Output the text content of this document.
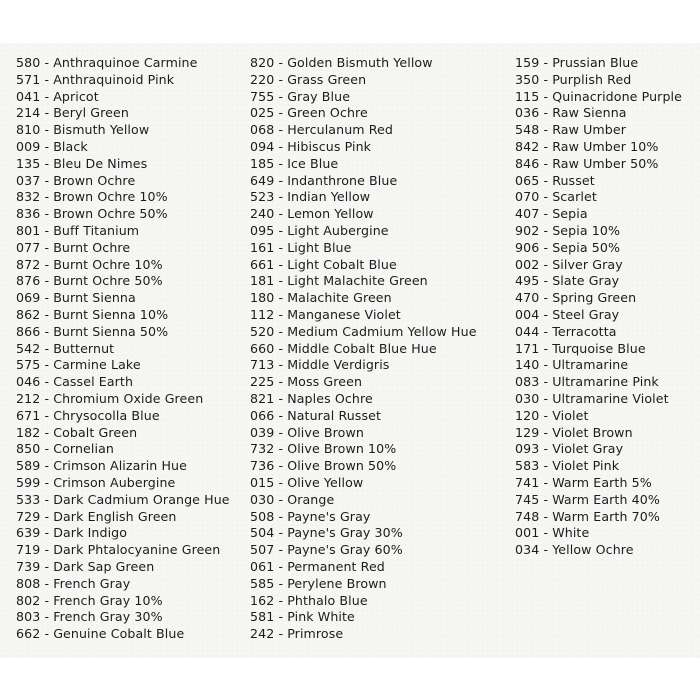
580 - Anthraquinoe Carmine
571 - Anthraquinoid Pink
041 - Apricot
214 - Beryl Green
810 - Bismuth Yellow
009 - Black
135 - Bleu De Nimes
037 - Brown Ochre
832 - Brown Ochre 10%
836 - Brown Ochre 50%
801 - Buff Titanium
077 - Burnt Ochre
872 - Burnt Ochre 10%
876 - Burnt Ochre 50%
069 - Burnt Sienna
862 - Burnt Sienna 10%
866 - Burnt Sienna 50%
542 - Butternut
575 - Carmine Lake
046 - Cassel Earth
212 - Chromium Oxide Green
671 - Chrysocolla Blue
182 - Cobalt Green
850 - Cornelian
589 - Crimson Alizarin Hue
599 - Crimson Aubergine
533 - Dark Cadmium Orange Hue
729 - Dark English Green
639 - Dark Indigo
719 - Dark Phtalocyanine Green
739 - Dark Sap Green
808 - French Gray
802 - French Gray 10%
803 - French Gray 30%
662 - Genuine Cobalt Blue
820 - Golden Bismuth Yellow
220 - Grass Green
755 - Gray Blue
025 - Green Ochre
068 - Herculanum Red
094 - Hibiscus Pink
185 - Ice Blue
649 - Indanthrone Blue
523 - Indian Yellow
240 - Lemon Yellow
095 - Light Aubergine
161 - Light Blue
661 - Light Cobalt Blue
181 - Light Malachite Green
180 - Malachite Green
112 - Manganese Violet
520 - Medium Cadmium Yellow Hue
660 - Middle Cobalt Blue Hue
713 - Middle Verdigris
225 - Moss Green
821 - Naples Ochre
066 - Natural Russet
039 - Olive Brown
732 - Olive Brown 10%
736 - Olive Brown 50%
015 - Olive Yellow
030 - Orange
508 - Payne's Gray
504 - Payne's Gray 30%
507 - Payne's Gray 60%
061 - Permanent Red
585 - Perylene Brown
162 - Phthalo Blue
581 - Pink White
242 - Primrose
159 - Prussian Blue
350 - Purplish Red
115 - Quinacridone Purple
036 - Raw Sienna
548 - Raw Umber
842 - Raw Umber 10%
846 - Raw Umber 50%
065 - Russet
070 - Scarlet
407 - Sepia
902 - Sepia 10%
906 - Sepia 50%
002 - Silver Gray
495 - Slate Gray
470 - Spring Green
004 - Steel Gray
044 - Terracotta
171 - Turquoise Blue
140 - Ultramarine
083 - Ultramarine Pink
030 - Ultramarine Violet
120 - Violet
129 - Violet Brown
093 - Violet Gray
583 - Violet Pink
741 - Warm Earth 5%
745 - Warm Earth 40%
748 - Warm Earth 70%
001 - White
034 - Yellow Ochre
